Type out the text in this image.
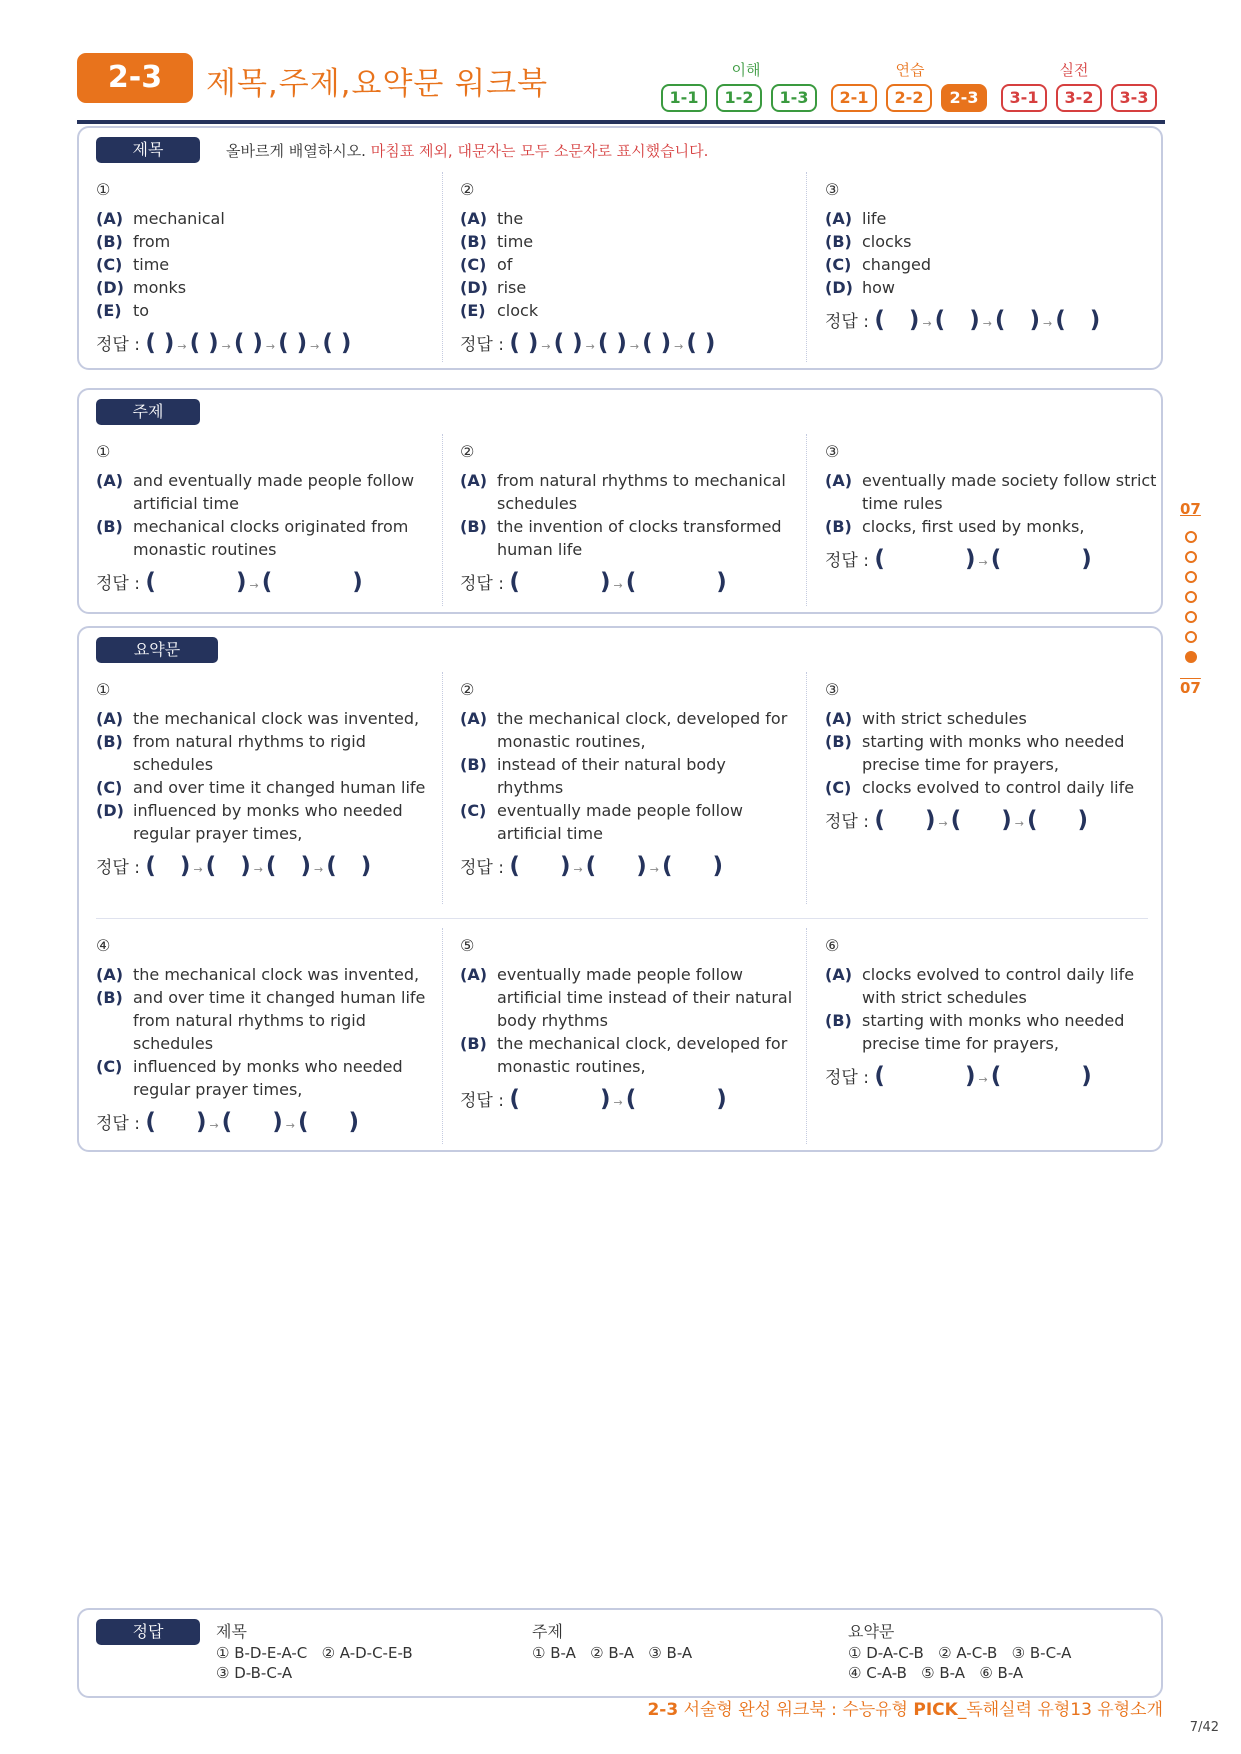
2-3	제목,주제,요약문 워크북	이해	연습	실전
1-1	1-2	1-3	2-1	2-2	2-3	3-1	3-2	3-3
제목	올바르게 배열하시오. 마침표 제외, 대문자는 모두 소문자로 표시했습니다.
①
(A) mechanical
(B) from
(C) time
(D) monks
(E) to
정답 : ( ) → ( ) → ( ) → ( ) → ( )
②
(A) the
(B) time
(C) of
(D) rise
(E) clock
정답 : ( ) → ( ) → ( ) → ( ) → ( )
③
(A) life
(B) clocks
(C) changed
(D) how
정답 : (   ) → (   ) → (   ) → (   )
주제
①
(A) and eventually made people follow artificial time
(B) mechanical clocks originated from monastic routines
정답 : (          ) → (          )
②
(A) from natural rhythms to mechanical schedules
(B) the invention of clocks transformed human life
정답 : (          ) → (          )
③
(A) eventually made society follow strict time rules
(B) clocks, first used by monks,
정답 : (          ) → (          )
요약문
①
(A) the mechanical clock was invented,
(B) from natural rhythms to rigid schedules
(C) and over time it changed human life
(D) influenced by monks who needed regular prayer times,
정답 : (   ) → (   ) → (   ) → (   )
②
(A) the mechanical clock, developed for monastic routines,
(B) instead of their natural body rhythms
(C) eventually made people follow artificial time
정답 : (     ) → (     ) → (     )
③
(A) with strict schedules
(B) starting with monks who needed precise time for prayers,
(C) clocks evolved to control daily life
정답 : (     ) → (     ) → (     )
④
(A) the mechanical clock was invented,
(B) and over time it changed human life from natural rhythms to rigid schedules
(C) influenced by monks who needed regular prayer times,
정답 : (     ) → (     ) → (     )
⑤
(A) eventually made people follow artificial time instead of their natural body rhythms
(B) the mechanical clock, developed for monastic routines,
정답 : (          ) → (          )
⑥
(A) clocks evolved to control daily life with strict schedules
(B) starting with monks who needed precise time for prayers,
정답 : (          ) → (          )
07
07
정답	제목
① B-D-E-A-C   ② A-D-C-E-B
③ D-B-C-A
주제
① B-A   ② B-A   ③ B-A
요약문
① D-A-C-B   ② A-C-B   ③ B-C-A
④ C-A-B   ⑤ B-A   ⑥ B-A
2-3 서술형 완성 워크북 : 수능유형 PICK_독해실력 유형13 유형소개
7/42
